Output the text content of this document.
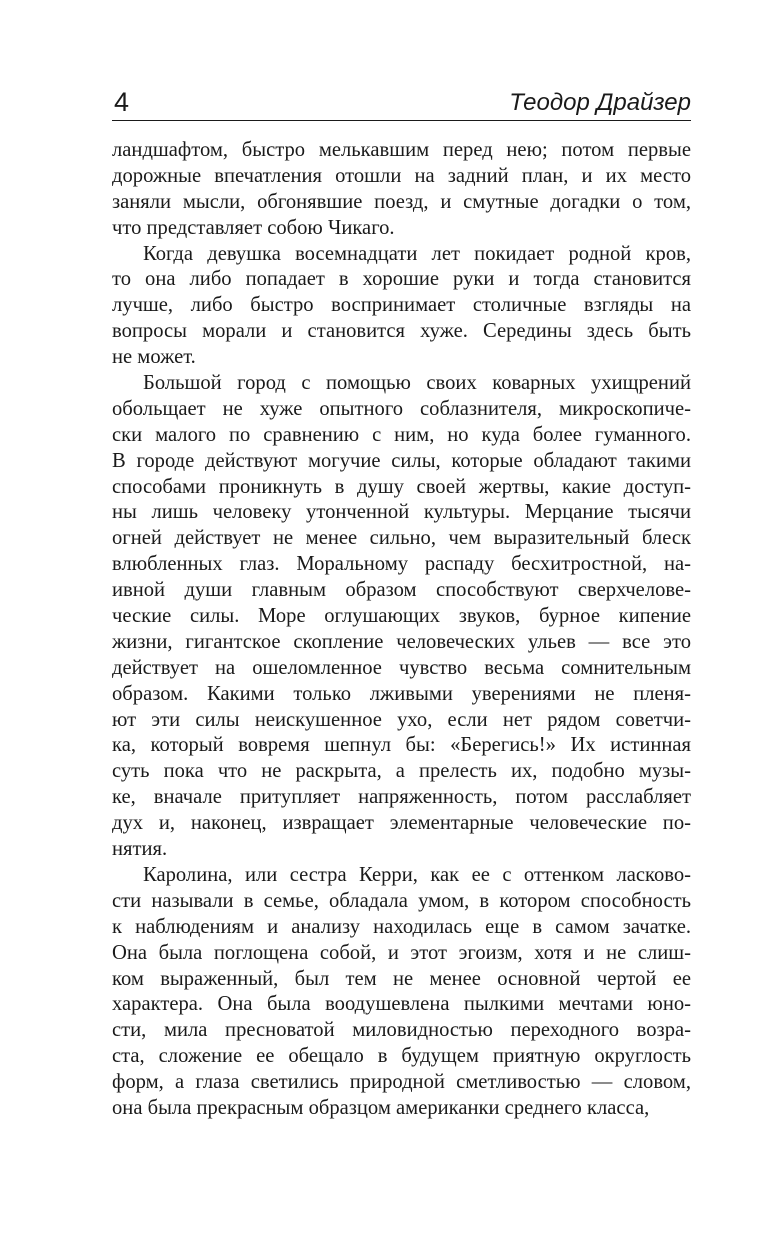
4	Теодор Драйзер
ландшафтом, быстро мелькавшим перед нею; потом первые
дорожные впечатления отошли на задний план, и их место
заняли мысли, обгонявшие поезд, и смутные догадки о том,
что представляет собою Чикаго.
Когда девушка восемнадцати лет покидает родной кров,
то она либо попадает в хорошие руки и тогда становится
лучше, либо быстро воспринимает столичные взгляды на
вопросы морали и становится хуже. Середины здесь быть
не может.
Большой город с помощью своих коварных ухищрений
обольщает не хуже опытного соблазнителя, микроскопиче-
ски малого по сравнению с ним, но куда более гуманного.
В городе действуют могучие силы, которые обладают такими
способами проникнуть в душу своей жертвы, какие доступ-
ны лишь человеку утонченной культуры. Мерцание тысячи
огней действует не менее сильно, чем выразительный блеск
влюбленных глаз. Моральному распаду бесхитростной, на-
ивной души главным образом способствуют сверхчелове-
ческие силы. Море оглушающих звуков, бурное кипение
жизни, гигантское скопление человеческих ульев — все это
действует на ошеломленное чувство весьма сомнительным
образом. Какими только лживыми уверениями не пленя-
ют эти силы неискушенное ухо, если нет рядом советчи-
ка, который вовремя шепнул бы: «Берегись!» Их истинная
суть пока что не раскрыта, а прелесть их, подобно музы-
ке, вначале притупляет напряженность, потом расслабляет
дух и, наконец, извращает элементарные человеческие по-
нятия.
Каролина, или сестра Керри, как ее с оттенком ласково-
сти называли в семье, обладала умом, в котором способность
к наблюдениям и анализу находилась еще в самом зачатке.
Она была поглощена собой, и этот эгоизм, хотя и не слиш-
ком выраженный, был тем не менее основной чертой ее
характера. Она была воодушевлена пылкими мечтами юно-
сти, мила пресноватой миловидностью переходного возра-
ста, сложение ее обещало в будущем приятную округлость
форм, а глаза светились природной сметливостью — словом,
она была прекрасным образцом американки среднего класса,
